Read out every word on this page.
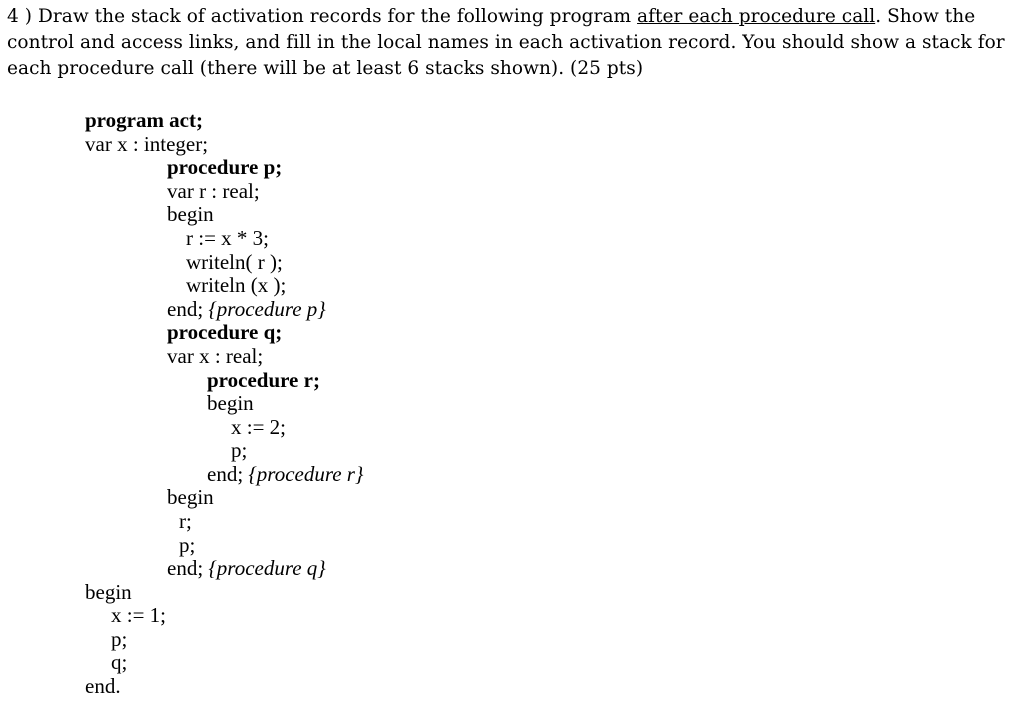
4 ) Draw the stack of activation records for the following program after each procedure call. Show the control and access links, and fill in the local names in each activation record. You should show a stack for each procedure call (there will be at least 6 stacks shown). (25 pts)
program act;
var x : integer;
procedure p;
var r : real;
begin
r := x * 3;
writeln( r );
writeln (x );
end; {procedure p}
procedure q;
var x : real;
procedure r;
begin
x := 2;
p;
end; {procedure r}
begin
r;
p;
end; {procedure q}
begin
x := 1;
p;
q;
end.
